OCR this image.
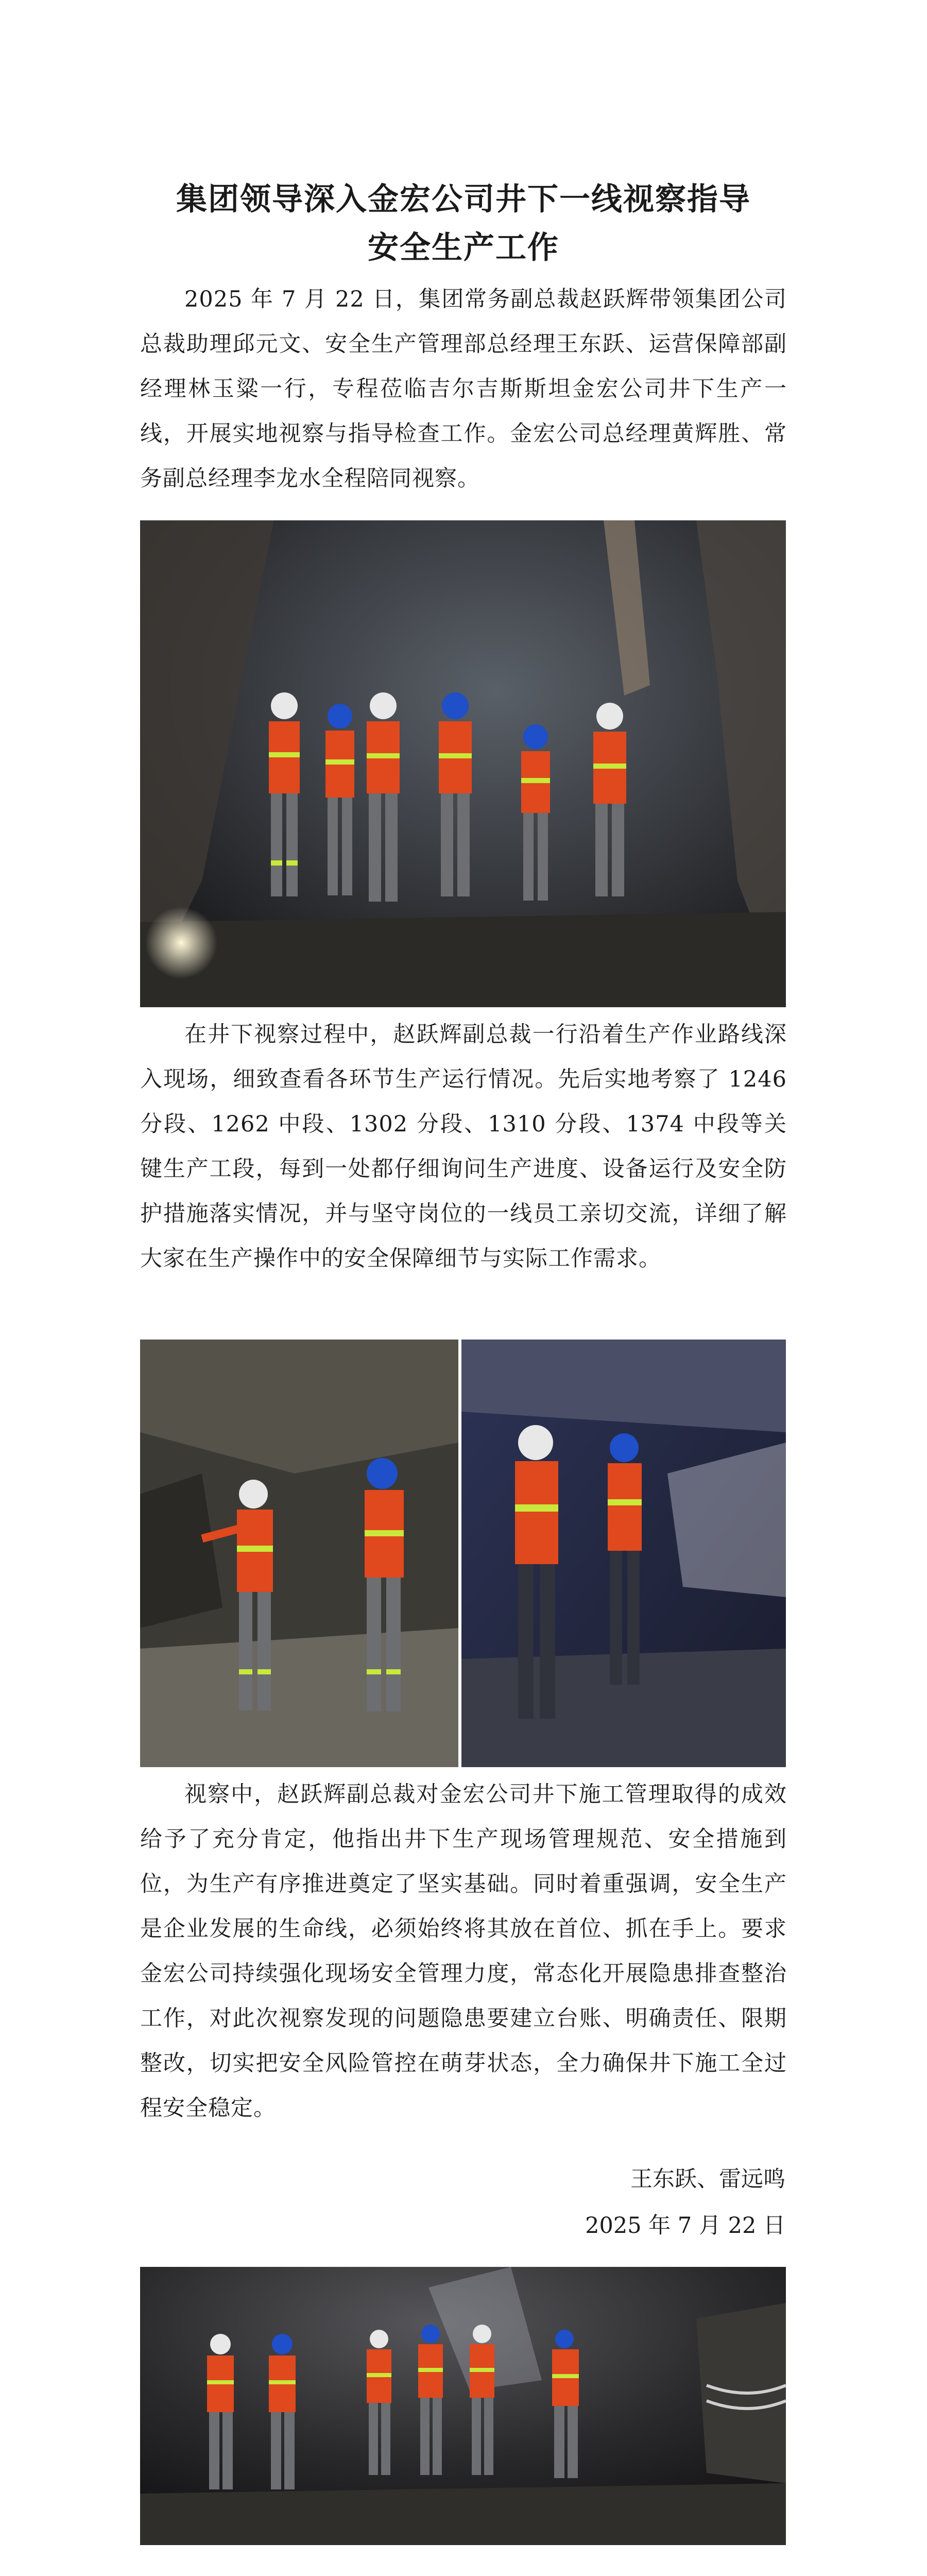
集团领导深入金宏公司井下一线视察指导
安全生产工作

2025 年 7 月 22 日，集团常务副总裁赵跃辉带领集团公司总裁助理邱元文、安全生产管理部总经理王东跃、运营保障部副经理林玉粱一行，专程莅临吉尔吉斯斯坦金宏公司井下生产一线，开展实地视察与指导检查工作。金宏公司总经理黄辉胜、常务副总经理李龙水全程陪同视察。

在井下视察过程中，赵跃辉副总裁一行沿着生产作业路线深入现场，细致查看各环节生产运行情况。先后实地考察了 1246 分段、1262 中段、1302 分段、1310 分段、1374 中段等关键生产工段，每到一处都仔细询问生产进度、设备运行及安全防护措施落实情况，并与坚守岗位的一线员工亲切交流，详细了解大家在生产操作中的安全保障细节与实际工作需求。

视察中，赵跃辉副总裁对金宏公司井下施工管理取得的成效给予了充分肯定，他指出井下生产现场管理规范、安全措施到位，为生产有序推进奠定了坚实基础。同时着重强调，安全生产是企业发展的生命线，必须始终将其放在首位、抓在手上。要求金宏公司持续强化现场安全管理力度，常态化开展隐患排查整治工作，对此次视察发现的问题隐患要建立台账、明确责任、限期整改，切实把安全风险管控在萌芽状态，全力确保井下施工全过程安全稳定。

王东跃、雷远鸣
2025 年 7 月 22 日
